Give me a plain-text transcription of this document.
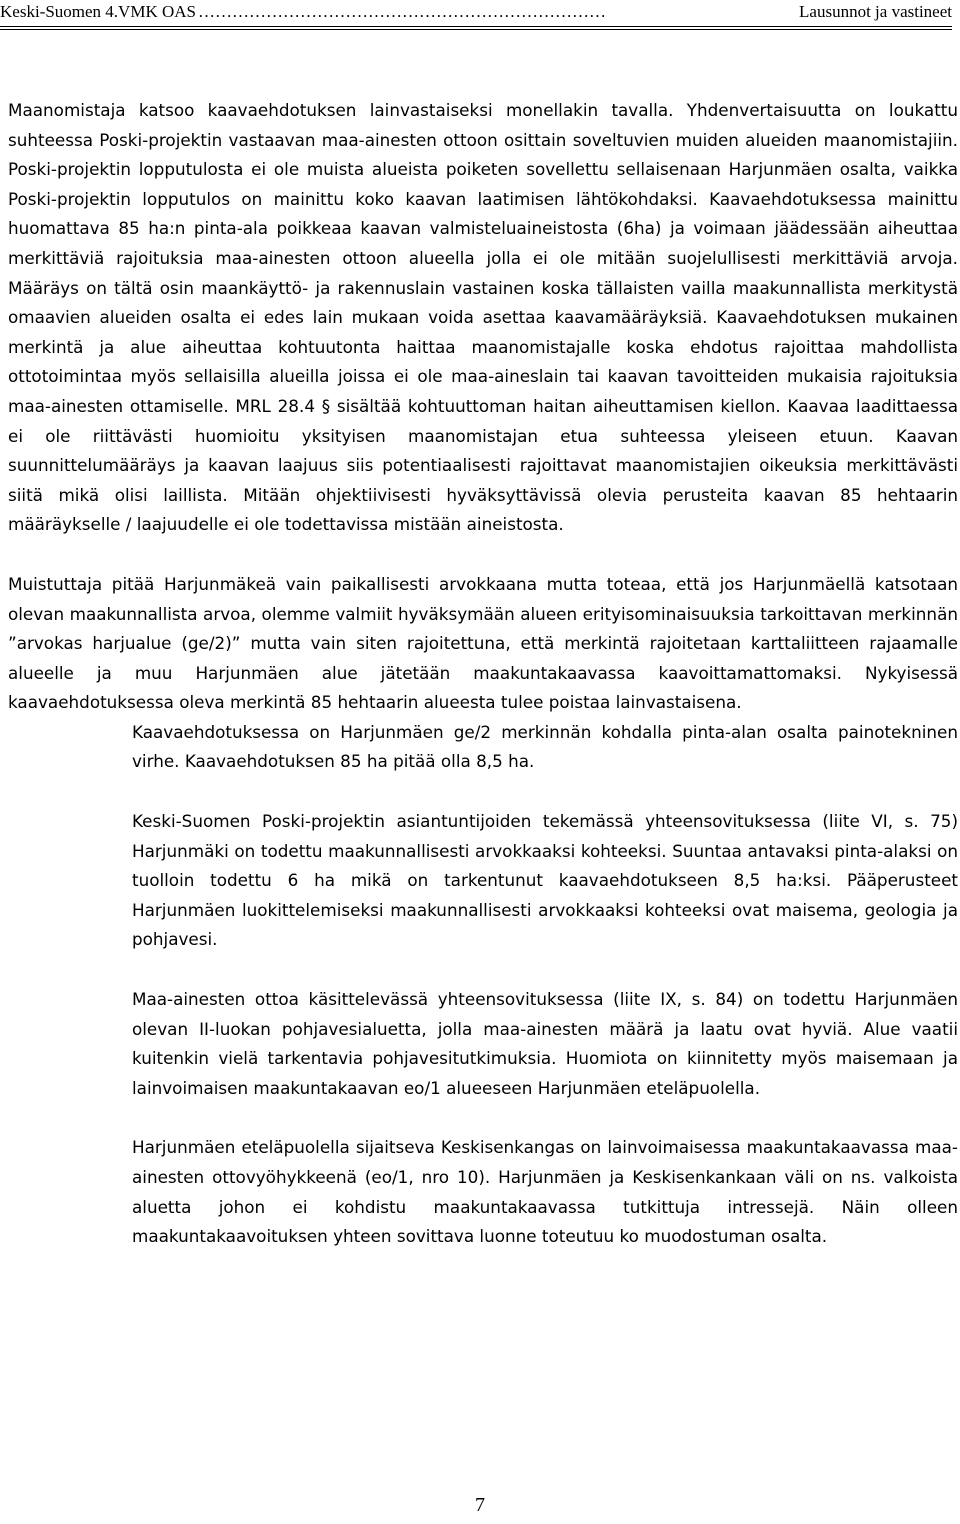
Keski-Suomen 4.VMK OAS ………………………………………………………………	Lausunnot ja vastineet

Maanomistaja katsoo kaavaehdotuksen lainvastaiseksi monellakin tavalla. Yhdenvertaisuutta on loukattu suhteessa Poski-projektin vastaavan maa-ainesten ottoon osittain soveltuvien muiden alueiden maanomistajiin. Poski-projektin lopputulosta ei ole muista alueista poiketen sovellettu sellaisenaan Harjunmäen osalta, vaikka Poski-projektin lopputulos on mainittu koko kaavan laatimisen lähtökohdaksi. Kaavaehdotuksessa mainittu huomattava 85 ha:n pinta-ala poikkeaa kaavan valmisteluaineistosta (6ha) ja voimaan jäädessään aiheuttaa merkittäviä rajoituksia maa-ainesten ottoon alueella jolla ei ole mitään suojelullisesti merkittäviä arvoja. Määräys on tältä osin maankäyttö- ja rakennuslain vastainen koska tällaisten vailla maakunnallista merkitystä omaavien alueiden osalta ei edes lain mukaan voida asettaa kaavamääräyksiä. Kaavaehdotuksen mukainen merkintä ja alue aiheuttaa kohtuutonta haittaa maanomistajalle koska ehdotus rajoittaa mahdollista ottotoimintaa myös sellaisilla alueilla joissa ei ole maa-aineslain tai kaavan tavoitteiden mukaisia rajoituksia maa-ainesten ottamiselle. MRL 28.4 § sisältää kohtuuttoman haitan aiheuttamisen kiellon. Kaavaa laadittaessa ei ole riittävästi huomioitu yksityisen maanomistajan etua suhteessa yleiseen etuun. Kaavan suunnittelumääräys ja kaavan laajuus siis potentiaalisesti rajoittavat maanomistajien oikeuksia merkittävästi siitä mikä olisi laillista. Mitään ohjektiivisesti hyväksyttävissä olevia perusteita kaavan 85 hehtaarin määräykselle / laajuudelle ei ole todettavissa mistään aineistosta.

Muistuttaja pitää Harjunmäkeä vain paikallisesti arvokkaana mutta toteaa, että jos Harjunmäellä katsotaan olevan maakunnallista arvoa, olemme valmiit hyväksymään alueen erityisominaisuuksia tarkoittavan merkinnän ”arvokas harjualue (ge/2)” mutta vain siten rajoitettuna, että merkintä rajoitetaan karttaliitteen rajaamalle alueelle ja muu Harjunmäen alue jätetään maakuntakaavassa kaavoittamattomaksi. Nykyisessä kaavaehdotuksessa oleva merkintä 85 hehtaarin alueesta tulee poistaa lainvastaisena.

Kaavaehdotuksessa on Harjunmäen ge/2 merkinnän kohdalla pinta-alan osalta painotekninen virhe. Kaavaehdotuksen 85 ha pitää olla 8,5 ha.

Keski-Suomen Poski-projektin asiantuntijoiden tekemässä yhteensovituksessa (liite VI, s. 75) Harjunmäki on todettu maakunnallisesti arvokkaaksi kohteeksi. Suuntaa antavaksi pinta-alaksi on tuolloin todettu 6 ha mikä on tarkentunut kaavaehdotukseen 8,5 ha:ksi. Pääperusteet Harjunmäen luokittelemiseksi maakunnallisesti arvokkaaksi kohteeksi ovat maisema, geologia ja pohjavesi.

Maa-ainesten ottoa käsittelevässä yhteensovituksessa (liite IX, s. 84) on todettu Harjunmäen olevan II-luokan pohjavesialuetta, jolla maa-ainesten määrä ja laatu ovat hyviä. Alue vaatii kuitenkin vielä tarkentavia pohjavesitutkimuksia. Huomiota on kiinnitetty myös maisemaan ja lainvoimaisen maakuntakaavan eo/1 alueeseen Harjunmäen eteläpuolella.

Harjunmäen eteläpuolella sijaitseva Keskisenkangas on lainvoimaisessa maakuntakaavassa maa-ainesten ottovyöhykkeenä (eo/1, nro 10). Harjunmäen ja Keskisenkankaan väli on ns. valkoista aluetta johon ei kohdistu maakuntakaavassa tutkittuja intressejä. Näin olleen maakuntakaavoituksen yhteen sovittava luonne toteutuu ko muodostuman osalta.

7
